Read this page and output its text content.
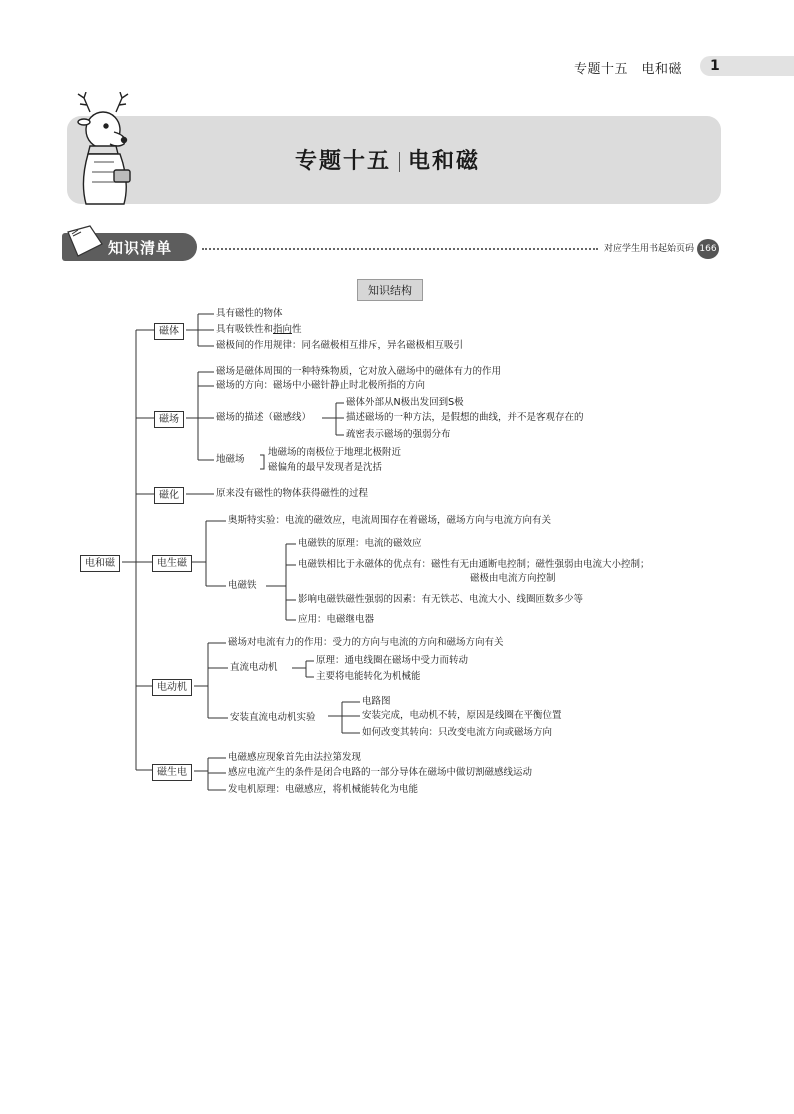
专题十五　电和磁 1
专题十五 电和磁
知识清单	对应学生用书起始页码 166
知识结构
电和磁
磁体
具有磁性的物体
具有吸铁性和指向性
磁极间的作用规律：同名磁极相互排斥，异名磁极相互吸引
磁场
磁场是磁体周围的一种特殊物质，它对放入磁场中的磁体有力的作用
磁场的方向：磁场中小磁针静止时北极所指的方向
磁场的描述（磁感线）
磁体外部从N极出发回到S极
描述磁场的一种方法，是假想的曲线，并不是客观存在的
疏密表示磁场的强弱分布
地磁场
地磁场的南极位于地理北极附近
磁偏角的最早发现者是沈括
磁化	原来没有磁性的物体获得磁性的过程
电生磁
奥斯特实验：电流的磁效应，电流周围存在着磁场，磁场方向与电流方向有关
电磁铁
电磁铁的原理：电流的磁效应
电磁铁相比于永磁体的优点有：磁性有无由通断电控制；磁性强弱由电流大小控制；
磁极由电流方向控制
影响电磁铁磁性强弱的因素：有无铁芯、电流大小、线圈匝数多少等
应用：电磁继电器
电动机
磁场对电流有力的作用：受力的方向与电流的方向和磁场方向有关
直流电动机
原理：通电线圈在磁场中受力而转动
主要将电能转化为机械能
安装直流电动机实验
电路图
安装完成，电动机不转，原因是线圈在平衡位置
如何改变其转向：只改变电流方向或磁场方向
磁生电
电磁感应现象首先由法拉第发现
感应电流产生的条件是闭合电路的一部分导体在磁场中做切割磁感线运动
发电机原理：电磁感应，将机械能转化为电能
